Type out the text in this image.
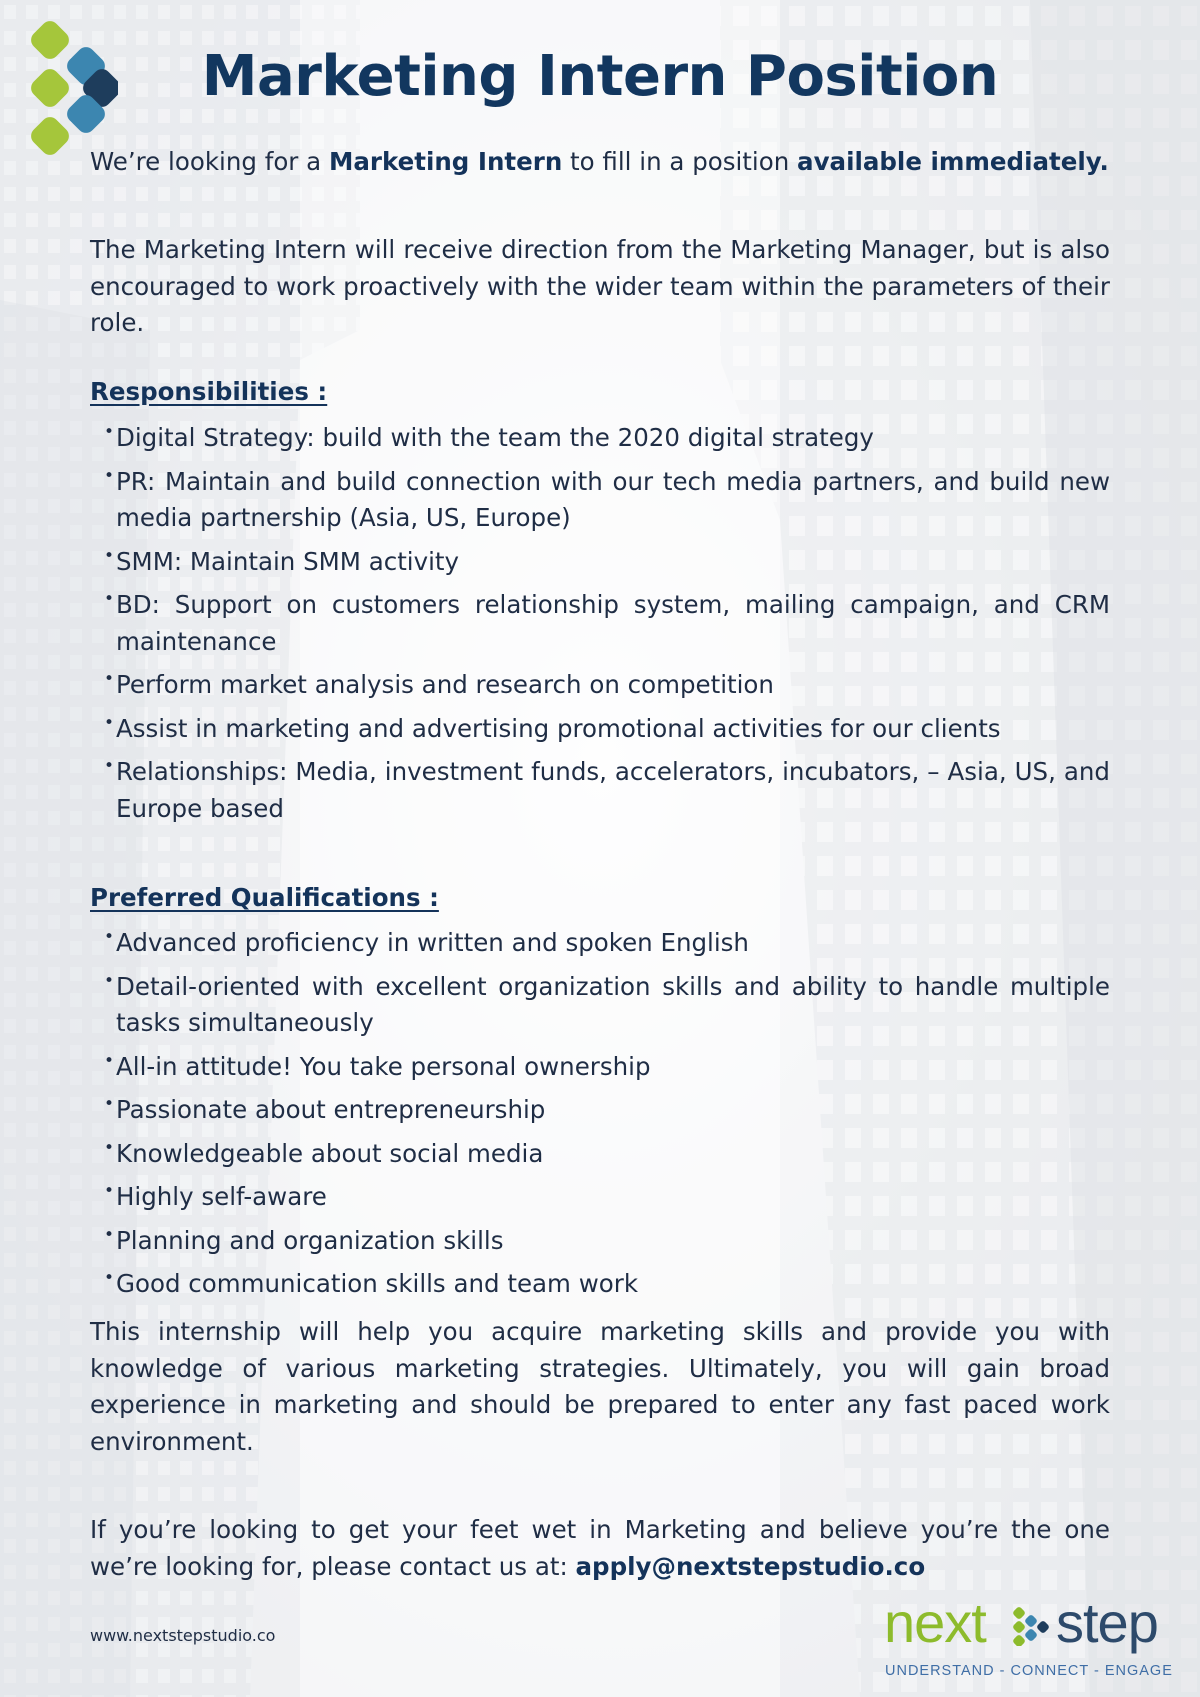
Marketing Intern Position

We’re looking for a Marketing Intern to fill in a position available immediately.

The Marketing Intern will receive direction from the Marketing Manager, but is also encouraged to work proactively with the wider team within the parameters of their role.

Responsibilities :
• Digital Strategy: build with the team the 2020 digital strategy
• PR: Maintain and build connection with our tech media partners, and build new media partnership (Asia, US, Europe)
• SMM: Maintain SMM activity
• BD: Support on customers relationship system, mailing campaign, and CRM maintenance
• Perform market analysis and research on competition
• Assist in marketing and advertising promotional activities for our clients
• Relationships: Media, investment funds, accelerators, incubators, – Asia, US, and Europe based
Preferred Qualifications :
• Advanced proficiency in written and spoken English
• Detail-oriented with excellent organization skills and ability to handle multiple tasks simultaneously
• All-in attitude! You take personal ownership
• Passionate about entrepreneurship
• Knowledgeable about social media
• Highly self-aware
• Planning and organization skills
• Good communication skills and team work

This internship will help you acquire marketing skills and provide you with knowledge of various marketing strategies. Ultimately, you will gain broad experience in marketing and should be prepared to enter any fast paced work environment.

If you’re looking to get your feet wet in Marketing and believe you’re the one we’re looking for, please contact us at: apply@nextstepstudio.co

www.nextstepstudio.co	next step
UNDERSTAND - CONNECT - ENGAGE
